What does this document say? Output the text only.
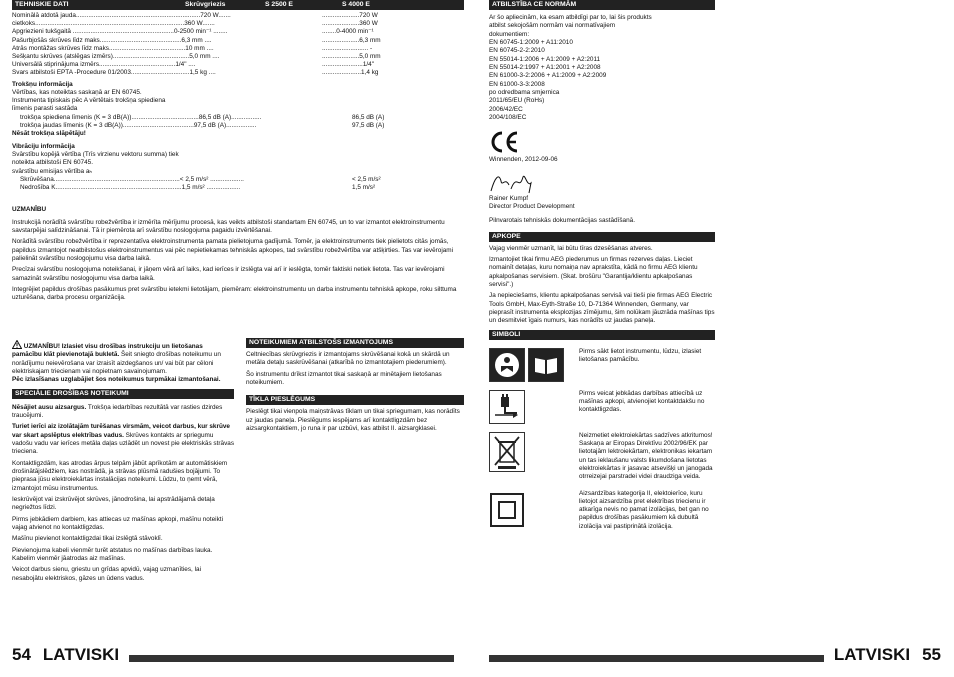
TEHNISKIE DATI	Skrūvgriezis	S 2500 E	S 4000 E
Nominālā atdotā jauda......................................................................720 W.......	.....................720 W
cietkoks....................................................................................360 W.......	.....................360 W
Apgriezieni tukšgaitā .........................................................0-2500 min⁻¹ ........	........0-4000 min⁻¹
Pašurbjošās skrūves līdz maks..............................................6,3 mm ....	.....................6,3 mm
Ātrās montāžas skrūves līdz maks...........................................10 mm ....	.......................... -
Sešķantu skrūves (atslēgas izmērs)...........................................5,0 mm ....	.....................5,0 mm
Universālā stiprinājuma izmērs...........................................1/4" ....	.......................1/4"
Svars atbilstoši EPTA -Procedure 01/2003.................................1,5 kg ....	......................1,4 kg
Trokšņu informācija
Vērtības, kas noteiktas saskaņā ar EN 60745.
Instrumenta tipiskais pēc A vērtētais trokšņa spiediena
līmenis parasti sastāda
trokšņa spiediena līmenis (K = 3 dB(A))......................................86,5 dB (A).................	86,5 dB (A)
trokšņa jaudas līmenis (K = 3 dB(A))........................................97,5 dB (A).................	97,5 dB (A)
Nēsāt trokšņa slāpētāju!
Vibrāciju informācija
Svārstību kopējā vērtība (Trīs virzienu vektoru summa) tiek
noteikta atbilstoši EN 60745.
svārstību emisijas vērtība aₕ
Skrūvēšana.......................................................................< 2,5 m/s² ...................	< 2,5 m/s²
Nedrošība K.......................................................................1,5 m/s² ...................	1,5 m/s²
UZMANĪBU

Instrukcijā norādītā svārstību robežvērtība ir izmērīta mērījumu procesā, kas veikts atbilstoši standartam EN 60745, un to var izmantot elektroinstrumentu savstarpējai salīdzināšanai. Tā ir piemērota arī svārstību noslogojuma pagaidu izvērtēšanai.

Norādītā svārstību robežvērtība ir reprezentatīva elektroinstrumenta pamata pielietojuma gadījumā. Tomēr, ja elektroinstruments tiek pielietots citās jomās, papildus izmantojot neatbilstošus elektroinstrumentus vai pēc nepietiekamas tehniskās apkopes, tad svārstību robežvērtība var atšķirties. Tas var ievērojami palielināt svārstību noslogojumu visa darba laikā.

Precīzai svārstību noslogojuma noteikšanai, ir jāņem vērā arī laiks, kad ierīces ir izslēgta vai arī ir ieslēgta, tomēr faktiski netiek lietota. Tas var ievērojami samazināt svārstību noslogojumu visa darba laikā.

Integrējiet papildus drošības pasākumus pret svārstību ietekmi lietotājam, piemēram: elektroinstrumentu un darba instrumentu tehniskā apkope, roku silttuma uzturēšana, darba procesu organizācija.

UZMANĪBU! Izlasiet visu drošības instrukciju un lietošanas pamācību klāt pievienotajā bukletā. Šeit sniegto drošības noteikumu un norādījumu neievērošana var izraisīt aizdegšanos un/ vai būt par cēloni elektriskajam triecienam vai nopietnam savainojumam.
Pēc izlasīšanas uzglabājiet šos noteikumus turpmākai izmantošanai.

SPECIĀLIE DROŠĪBAS NOTEIKUMI

Nēsājiet ausu aizsargus. Trokšņa iedarbības rezultātā var rasties dzirdes traucējumi.

Turiet ierīci aiz izolātajām turēšanas virsmām, veicot darbus, kur skrūve var skart apslēptus elektrības vadus. Skrūves kontakts ar spriegumu vadošu vadu var ierīces metāla daļas uzlādēt un novest pie elektriskās strāvas trieciena.

Kontaktligzdām, kas atrodas ārpus telpām jābūt aprīkotām ar automātiskiem drošinātājslēdžiem, kas nostrādā, ja strāvas plūsmā radušies bojājumi. To pieprasa jūsu elektroiekārtas instalācijas noteikumi. Lūdzu, to ņemt vērā, izmantojot mūsu instrumentus.

Ieskrūvējot vai izskrūvējot skrūves, jānodrošina, lai apstrādājamā detaļa negriežtos līdzi.

Pirms jebkādiem darbiem, kas attiecas uz mašīnas apkopi, mašīnu noteikti vajag atvienot no kontaktligzdas.

Mašīnu pievienot kontaktligzdai tikai izslēgtā stāvoklī.

Pievienojuma kabeli vienmēr turēt atstatus no mašīnas darbības lauka. Kabelim vienmēr jāatrodas aiz mašīnas.

Veicot darbus sienu, griestu un grīdas apvidū, vajag uzmanīties, lai nesabojātu elektriskos, gāzes un ūdens vadus.

NOTEIKUMIEM ATBILSTOŠS IZMANTOJUMS

Celtniecības skrūvgriezis ir izmantojams skrūvēšanai kokā un skārdā un metāla detaļu saskrūvēšanai (atkarībā no izmantotajiem piederumiem).

Šo instrumentu drīkst izmantot tikai saskaņā ar minētajiem lietošanas noteikumiem.

TĪKLA PIESLĒGUMS

Pieslēgt tikai vienpola maiņstrāvas tīklam un tikai spriegumam, kas norādīts uz jaudas paneļa. Pieslēgums iespējams arī kontaktligzdām bez aizsargkontaktiem, jo runa ir par uzbūvi, kas atbilst II. aizsargklasei.

54 LATVISKI
ATBILSTĪBA CE NORMĀM
Ar šo apliecinām, ka esam atbildīgi par to, lai šis produkts
atbilst sekojošām normām vai normatīvajiem
dokumentiem:
EN 60745-1:2009 + A11:2010
EN 60745-2-2:2010
EN 55014-1:2006 + A1:2009 + A2:2011
EN 55014-2:1997 + A1:2001 + A2:2008
EN 61000-3-2:2006 + A1:2009 + A2:2009
EN 61000-3-3:2008
po odredbama smjernica
2011/65/EU (RoHs)
2006/42/EC
2004/108/EC
Winnenden, 2012-09-06
Rainer Kumpf
Director Product Development
Pilnvarotais tehniskās dokumentācijas sastādīšanā.
APKOPE

Vajag vienmēr uzmanīt, lai būtu tīras dzesēšanas atveres.

Izmantojiet tikai firmu AEG piederumus un firmas rezerves daļas. Lieciet nomainīt detaļas, kuru nomaiņa nav aprakstīta, kādā no firmu AEG klientu apkalpošanas servisiem. (Skat. brošūru "Garantija/klientu apkalpošanas servisi".)

Ja nepieciešams, klientu apkalpošanas servisā vai tieši pie firmas AEG Electric Tools GmbH, Max-Eyth-Straße 10, D-71364 Winnenden, Germany, var pieprasīt instrumenta eksplozijas zīmējumu, šim nolūkam jāuzrāda mašīnas tips un desmitviet īgais numurs, kas norādīts uz jaudas paneļa.

SIMBOLI
Pirms sākt lietot instrumentu, lūdzu, izlasiet lietošanas pamācību.
Pirms veicat jebkādas darbības attiecībā uz mašīnas apkopi, atvienojiet kontaktdakšu no kontaktligzdas.
Neizmetiet elektroiekārtas sadzīves atkritumos! Saskaņa ar Eiropas Direktīvu 2002/96/EK par lietotajām lektroiekārtam, elektronikas iekartam un tas ieklaušanu valsts likumdošana lietotas elektroiekārtas ir jasavac atsevišķi un janogada otrreizejai parstradei videi draudziga veida.
Aizsardzības kategorija II, elektoierīce, kuru lietojot aizsardzība pret elektrības triecienu ir atkarīga nevis no pamat izolācijas, bet gan no papildus drošības pasākumiem kā dubultā izolācija vai pastiprinātā izolācija.
LATVISKI 55
